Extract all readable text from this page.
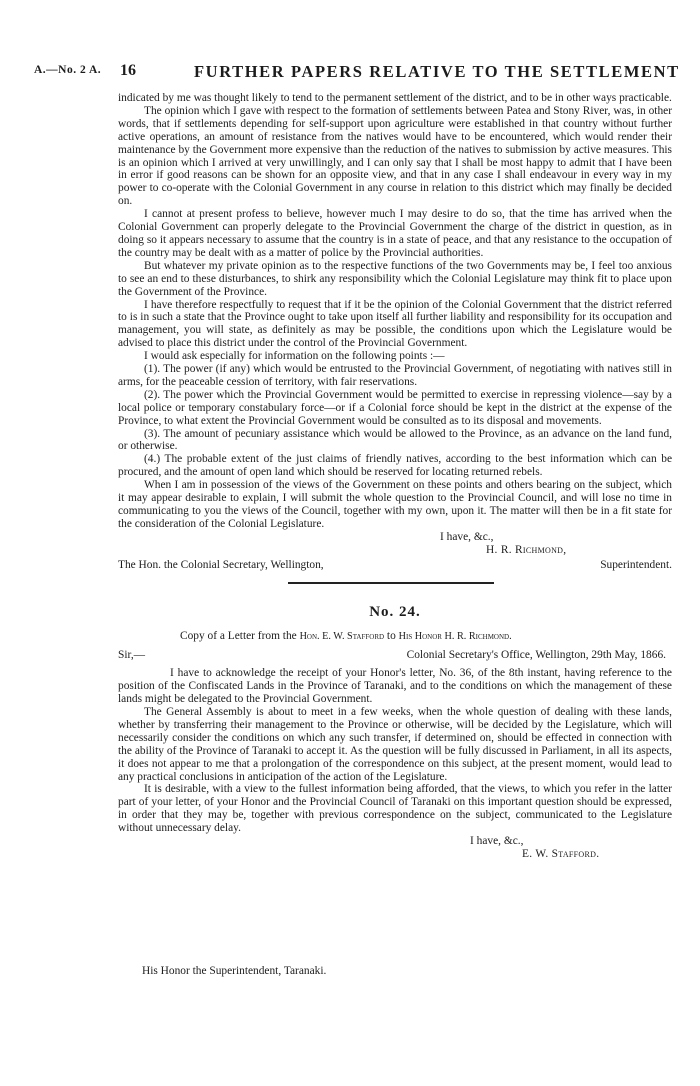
A.—No. 2 A. 16	FURTHER PAPERS RELATIVE TO THE SETTLEMENT

indicated by me was thought likely to tend to the permanent settlement of the district, and to be in other ways practicable.

The opinion which I gave with respect to the formation of settlements between Patea and Stony River, was, in other words, that if settlements depending for self-support upon agriculture were established in that country without further active operations, an amount of resistance from the natives would have to be encountered, which would render their maintenance by the Government more expensive than the reduction of the natives to submission by active measures. This is an opinion which I arrived at very unwillingly, and I can only say that I shall be most happy to admit that I have been in error if good reasons can be shown for an opposite view, and that in any case I shall endeavour in every way in my power to co-operate with the Colonial Government in any course in relation to this district which may finally be decided on.

I cannot at present profess to believe, however much I may desire to do so, that the time has arrived when the Colonial Government can properly delegate to the Provincial Government the charge of the district in question, as in doing so it appears necessary to assume that the country is in a state of peace, and that any resistance to the occupation of the country may be dealt with as a matter of police by the Provincial authorities.

But whatever my private opinion as to the respective functions of the two Governments may be, I feel too anxious to see an end to these disturbances, to shirk any responsibility which the Colonial Legislature may think fit to place upon the Government of the Province.

I have therefore respectfully to request that if it be the opinion of the Colonial Government that the district referred to is in such a state that the Province ought to take upon itself all further liability and responsibility for its occupation and management, you will state, as definitely as may be possible, the conditions upon which the Legislature would be advised to place this district under the control of the Provincial Government.

I would ask especially for information on the following points :—

(1). The power (if any) which would be entrusted to the Provincial Government, of negotiating with natives still in arms, for the peaceable cession of territory, with fair reservations.

(2). The power which the Provincial Government would be permitted to exercise in repressing violence—say by a local police or temporary constabulary force—or if a Colonial force should be kept in the district at the expense of the Province, to what extent the Provincial Government would be consulted as to its disposal and movements.

(3). The amount of pecuniary assistance which would be allowed to the Province, as an advance on the land fund, or otherwise.

(4.) The probable extent of the just claims of friendly natives, according to the best information which can be procured, and the amount of open land which should be reserved for locating returned rebels.

When I am in possession of the views of the Government on these points and others bearing on the subject, which it may appear desirable to explain, I will submit the whole question to the Provincial Council, and will lose no time in communicating to you the views of the Council, together with my own, upon it. The matter will then be in a fit state for the consideration of the Colonial Legislature.

I have, &c.,
H. R. Richmond,
The Hon. the Colonial Secretary, Wellington,	Superintendent.
No. 24.

Copy of a Letter from the Hon. E. W. Stafford to His Honor H. R. Richmond.

Sir,—	Colonial Secretary's Office, Wellington, 29th May, 1866.

I have to acknowledge the receipt of your Honor's letter, No. 36, of the 8th instant, having reference to the position of the Confiscated Lands in the Province of Taranaki, and to the conditions on which the management of these lands might be delegated to the Provincial Government.

The General Assembly is about to meet in a few weeks, when the whole question of dealing with these lands, whether by transferring their management to the Province or otherwise, will be decided by the Legislature, which will necessarily consider the conditions on which any such transfer, if determined on, should be effected in connection with the ability of the Province of Taranaki to accept it. As the question will be fully discussed in Parliament, in all its aspects, it does not appear to me that a prolongation of the correspondence on this subject, at the present moment, would lead to any practical conclusions in anticipation of the action of the Legislature.

It is desirable, with a view to the fullest information being afforded, that the views, to which you refer in the latter part of your letter, of your Honor and the Provincial Council of Taranaki on this important question should be expressed, in order that they may be, together with previous correspondence on the subject, communicated to the Legislature without unnecessary delay.

I have, &c.,
E. W. Stafford.
His Honor the Superintendent, Taranaki.
